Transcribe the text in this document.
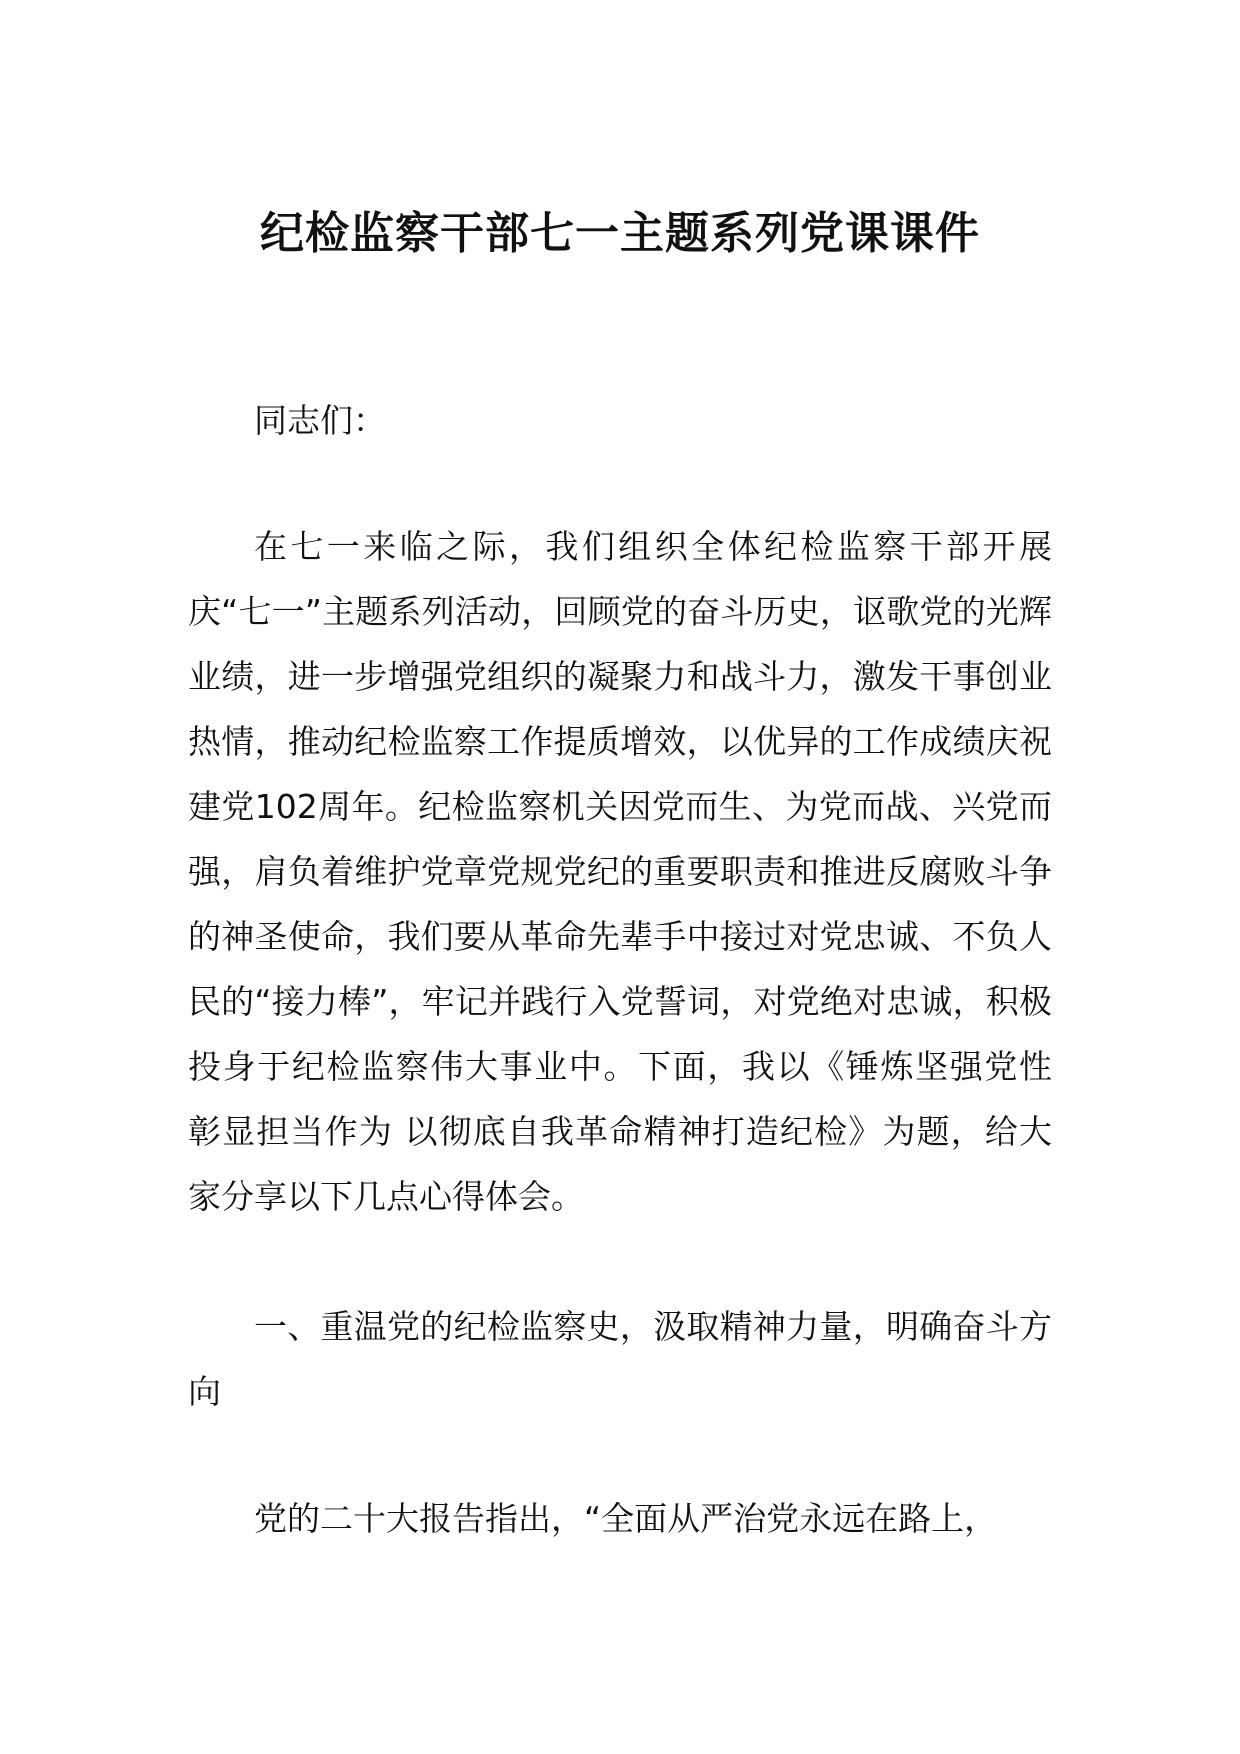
纪检监察干部七一主题系列党课课件

同志们：

在七一来临之际，我们组织全体纪检监察干部开展庆“七一”主题系列活动，回顾党的奋斗历史，讴歌党的光辉业绩，进一步增强党组织的凝聚力和战斗力，激发干事创业热情，推动纪检监察工作提质增效，以优异的工作成绩庆祝建党102周年。纪检监察机关因党而生、为党而战、兴党而强，肩负着维护党章党规党纪的重要职责和推进反腐败斗争的神圣使命，我们要从革命先辈手中接过对党忠诚、不负人民的“接力棒”，牢记并践行入党誓词，对党绝对忠诚，积极投身于纪检监察伟大事业中。下面，我以《锤炼坚强党性 彰显担当作为 以彻底自我革命精神打造纪检》为题，给大家分享以下几点心得体会。

一、重温党的纪检监察史，汲取精神力量，明确奋斗方向

党的二十大报告指出，“全面从严治党永远在路上，
